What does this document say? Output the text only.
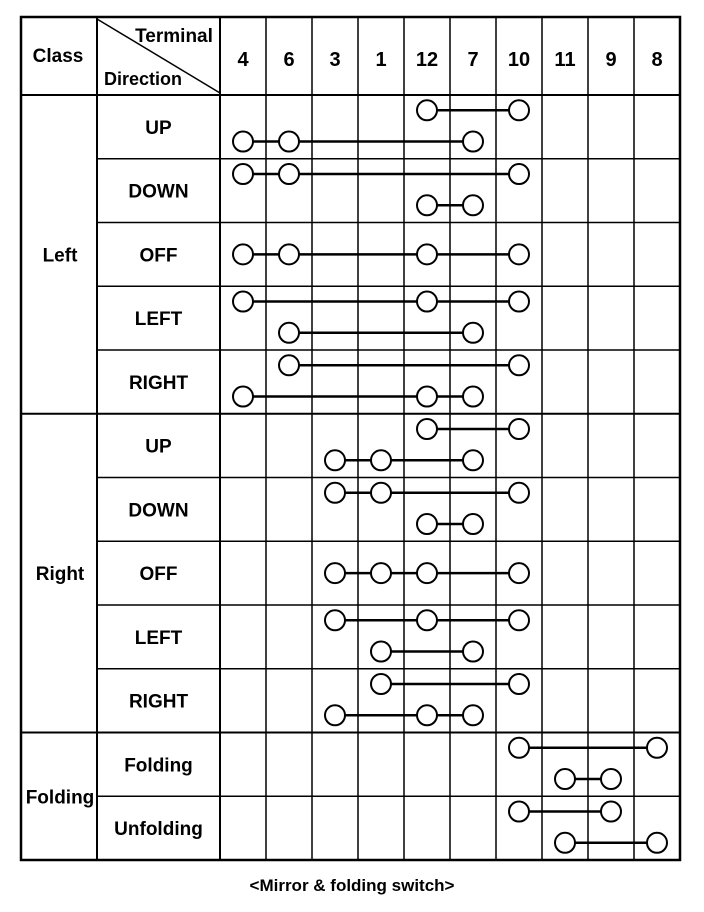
Class
Terminal
Direction
4 6 3 1 12 7 10 11 9 8
UP
DOWN
OFF
LEFT
RIGHT
Left
UP
DOWN
OFF
LEFT
RIGHT
Right
Folding
Unfolding
Folding
<Mirror & folding switch>
